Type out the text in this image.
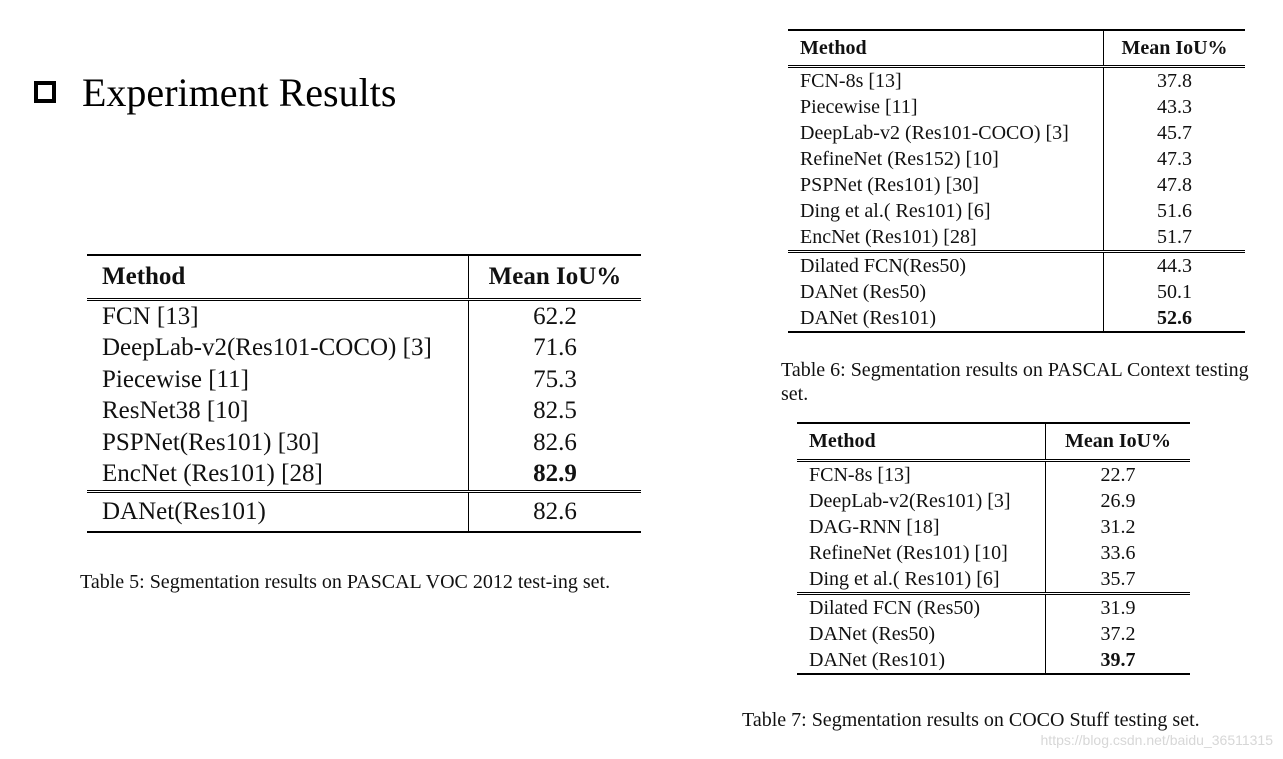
Experiment Results
Method	Mean IoU%
FCN [13]	62.2
DeepLab-v2(Res101-COCO) [3]	71.6
Piecewise [11]	75.3
ResNet38 [10]	82.5
PSPNet(Res101) [30]	82.6
EncNet (Res101) [28]	82.9
DANet(Res101)	82.6
Table 5: Segmentation results on PASCAL VOC 2012 test-ing set.
Method	Mean IoU%
FCN-8s [13]	37.8
Piecewise [11]	43.3
DeepLab-v2 (Res101-COCO) [3]	45.7
RefineNet (Res152) [10]	47.3
PSPNet (Res101) [30]	47.8
Ding et al.( Res101) [6]	51.6
EncNet (Res101) [28]	51.7
Dilated FCN(Res50)	44.3
DANet (Res50)	50.1
DANet (Res101)	52.6
Table 6: Segmentation results on PASCAL Context testing set.
Method	Mean IoU%
FCN-8s [13]	22.7
DeepLab-v2(Res101) [3]	26.9
DAG-RNN [18]	31.2
RefineNet (Res101) [10]	33.6
Ding et al.( Res101) [6]	35.7
Dilated FCN (Res50)	31.9
DANet (Res50)	37.2
DANet (Res101)	39.7
Table 7: Segmentation results on COCO Stuff testing set.
https://blog.csdn.net/baidu_36511315
